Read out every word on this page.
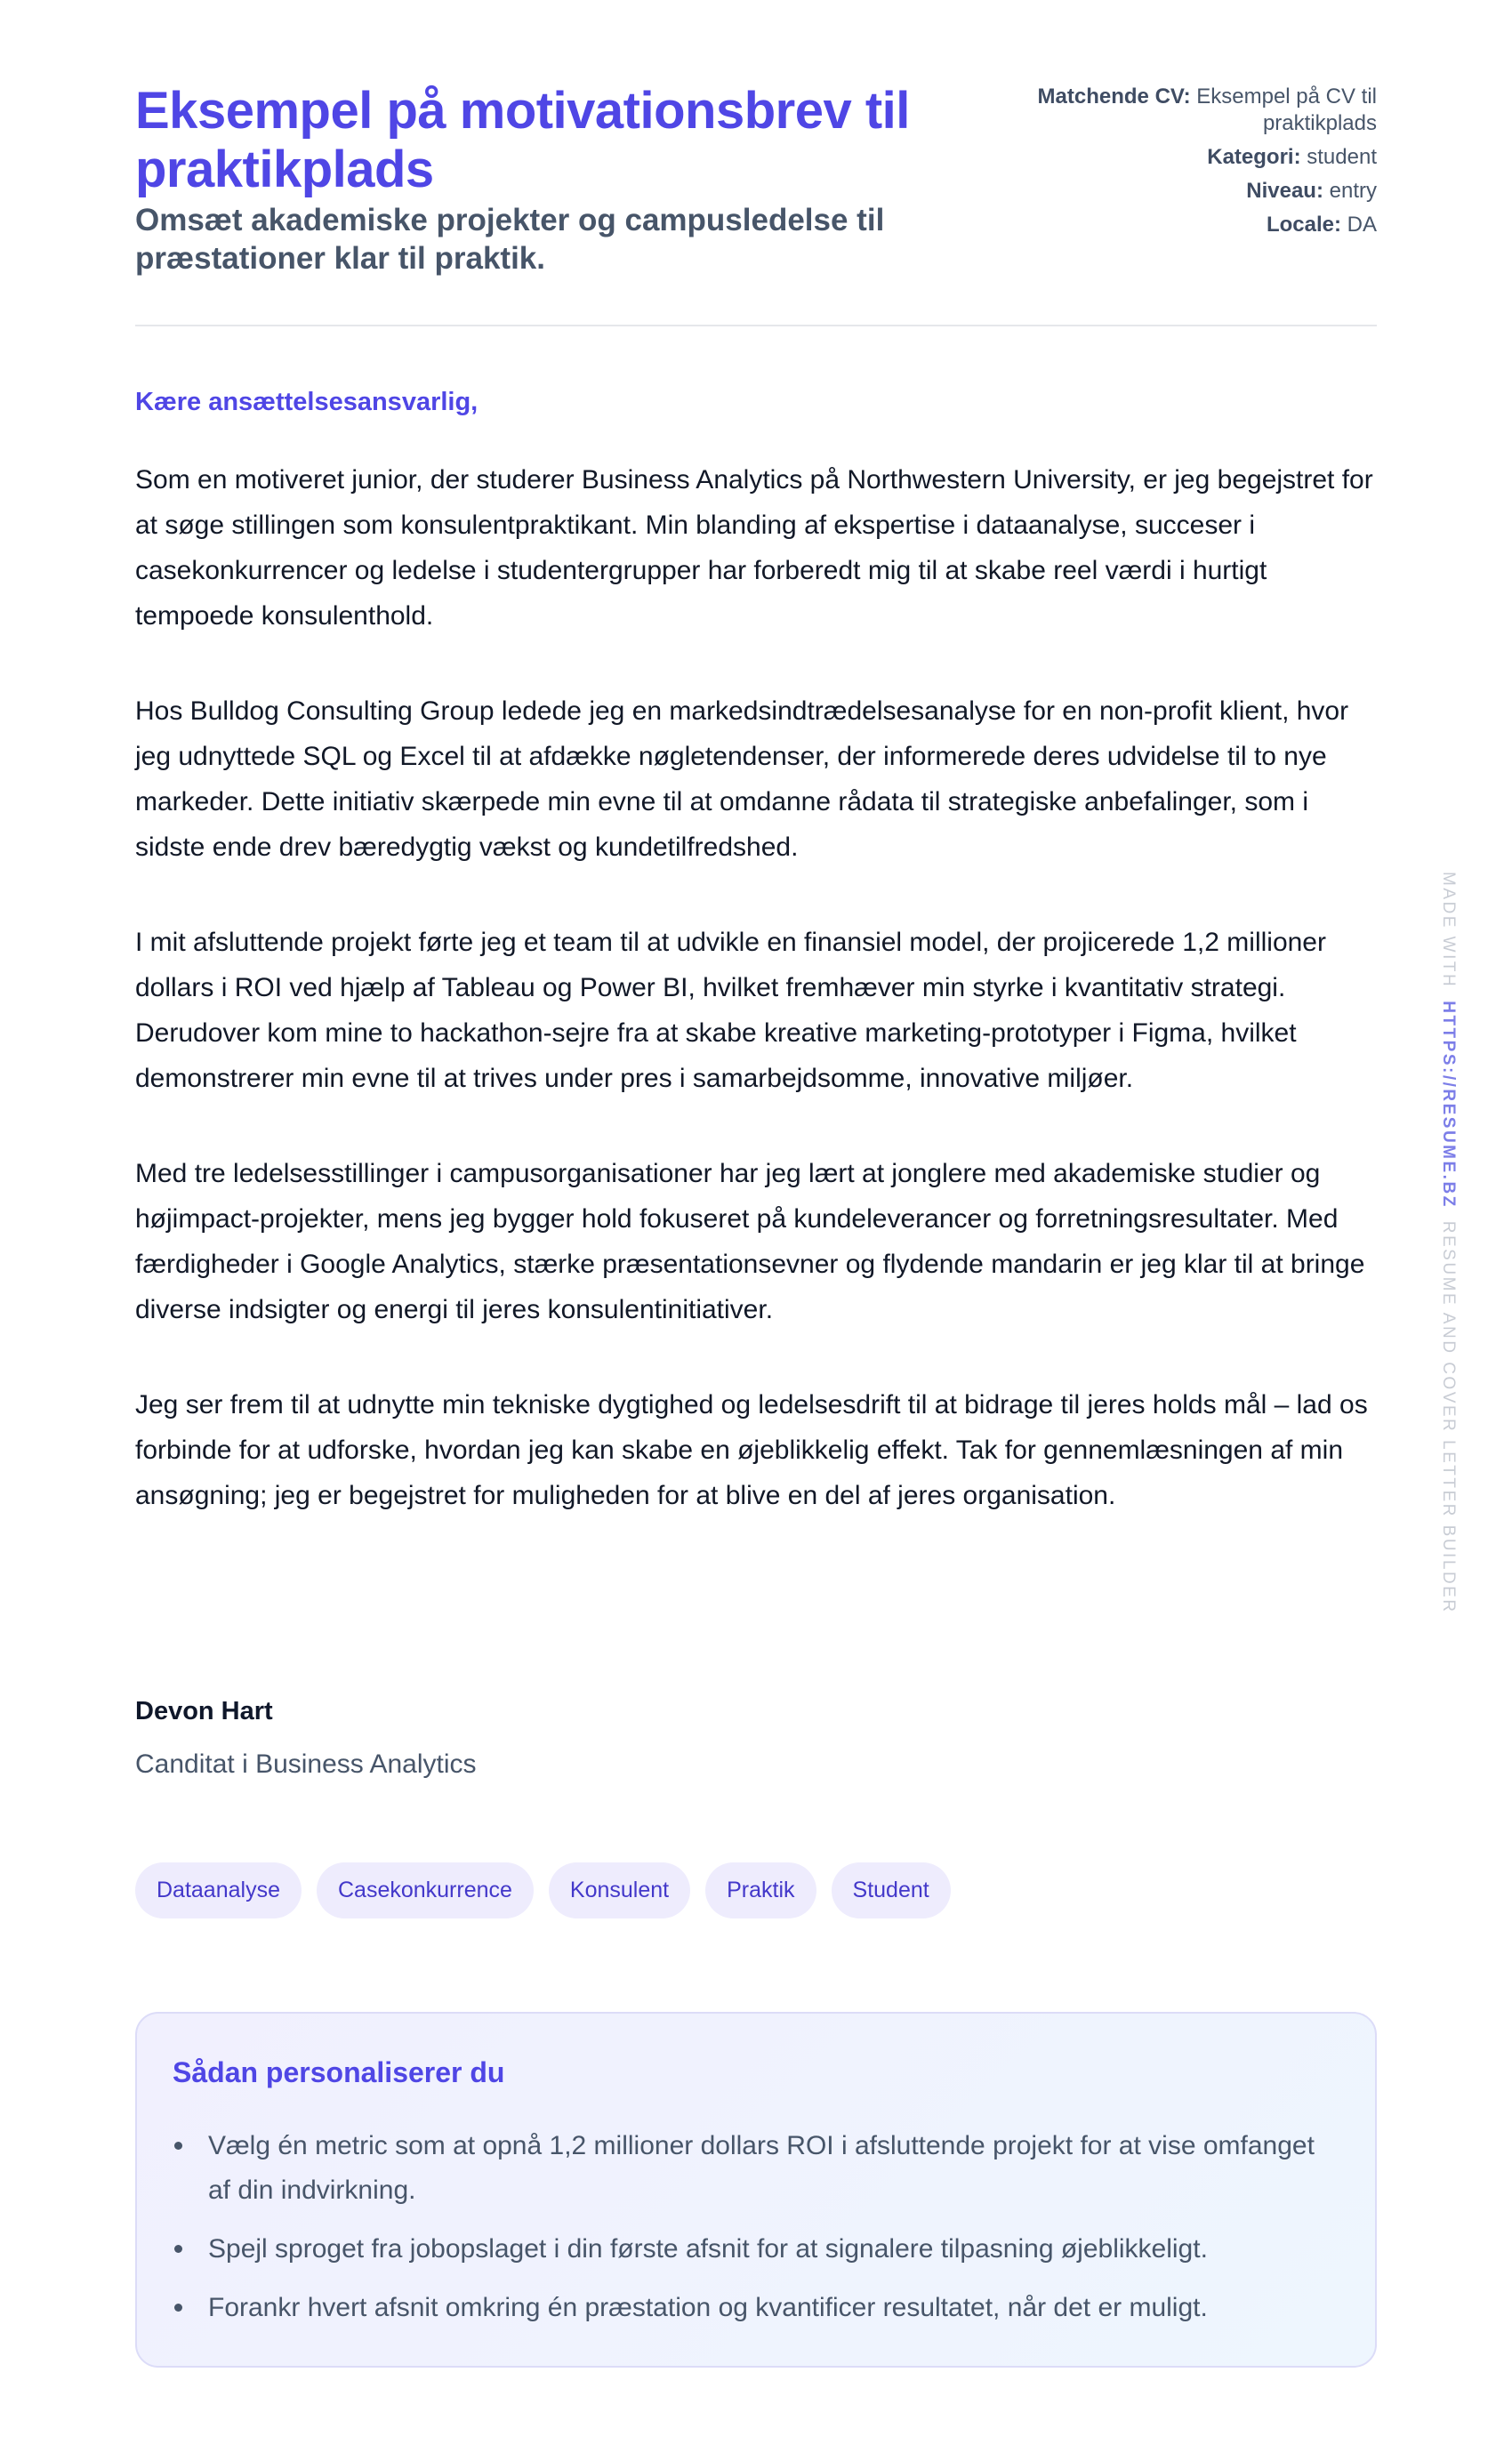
Eksempel på motivationsbrev til praktikplads
Omsæt akademiske projekter og campusledelse til præstationer klar til praktik.
Matchende CV: Eksempel på CV til praktikplads
Kategori: student
Niveau: entry
Locale: DA

Kære ansættelsesansvarlig,

Som en motiveret junior, der studerer Business Analytics på Northwestern University, er jeg begejstret for at søge stillingen som konsulentpraktikant. Min blanding af ekspertise i dataanalyse, succeser i casekonkurrencer og ledelse i studentergrupper har forberedt mig til at skabe reel værdi i hurtigt tempoede konsulenthold.

Hos Bulldog Consulting Group ledede jeg en markedsindtrædelsesanalyse for en non-profit klient, hvor jeg udnyttede SQL og Excel til at afdække nøgletendenser, der informerede deres udvidelse til to nye markeder. Dette initiativ skærpede min evne til at omdanne rådata til strategiske anbefalinger, som i sidste ende drev bæredygtig vækst og kundetilfredshed.

I mit afsluttende projekt førte jeg et team til at udvikle en finansiel model, der projicerede 1,2 millioner dollars i ROI ved hjælp af Tableau og Power BI, hvilket fremhæver min styrke i kvantitativ strategi. Derudover kom mine to hackathon-sejre fra at skabe kreative marketing-prototyper i Figma, hvilket demonstrerer min evne til at trives under pres i samarbejdsomme, innovative miljøer.

Med tre ledelsesstillinger i campusorganisationer har jeg lært at jonglere med akademiske studier og højimpact-projekter, mens jeg bygger hold fokuseret på kundeleverancer og forretningsresultater. Med færdigheder i Google Analytics, stærke præsentationsevner og flydende mandarin er jeg klar til at bringe diverse indsigter og energi til jeres konsulentinitiativer.

Jeg ser frem til at udnytte min tekniske dygtighed og ledelsesdrift til at bidrage til jeres holds mål – lad os forbinde for at udforske, hvordan jeg kan skabe en øjeblikkelig effekt. Tak for gennemlæsningen af min ansøgning; jeg er begejstret for muligheden for at blive en del af jeres organisation.

Devon Hart
Canditat i Business Analytics
Dataanalyse	Casekonkurrence	Konsulent	Praktik	Student
Sådan personaliserer du
Vælg én metric som at opnå 1,2 millioner dollars ROI i afsluttende projekt for at vise omfanget af din indvirkning.
Spejl sproget fra jobopslaget i din første afsnit for at signalere tilpasning øjeblikkeligt.
Forankr hvert afsnit omkring én præstation og kvantificer resultatet, når det er muligt.
MADE WITHHTTPS://RESUME.BZRESUME AND COVER LETTER BUILDER
